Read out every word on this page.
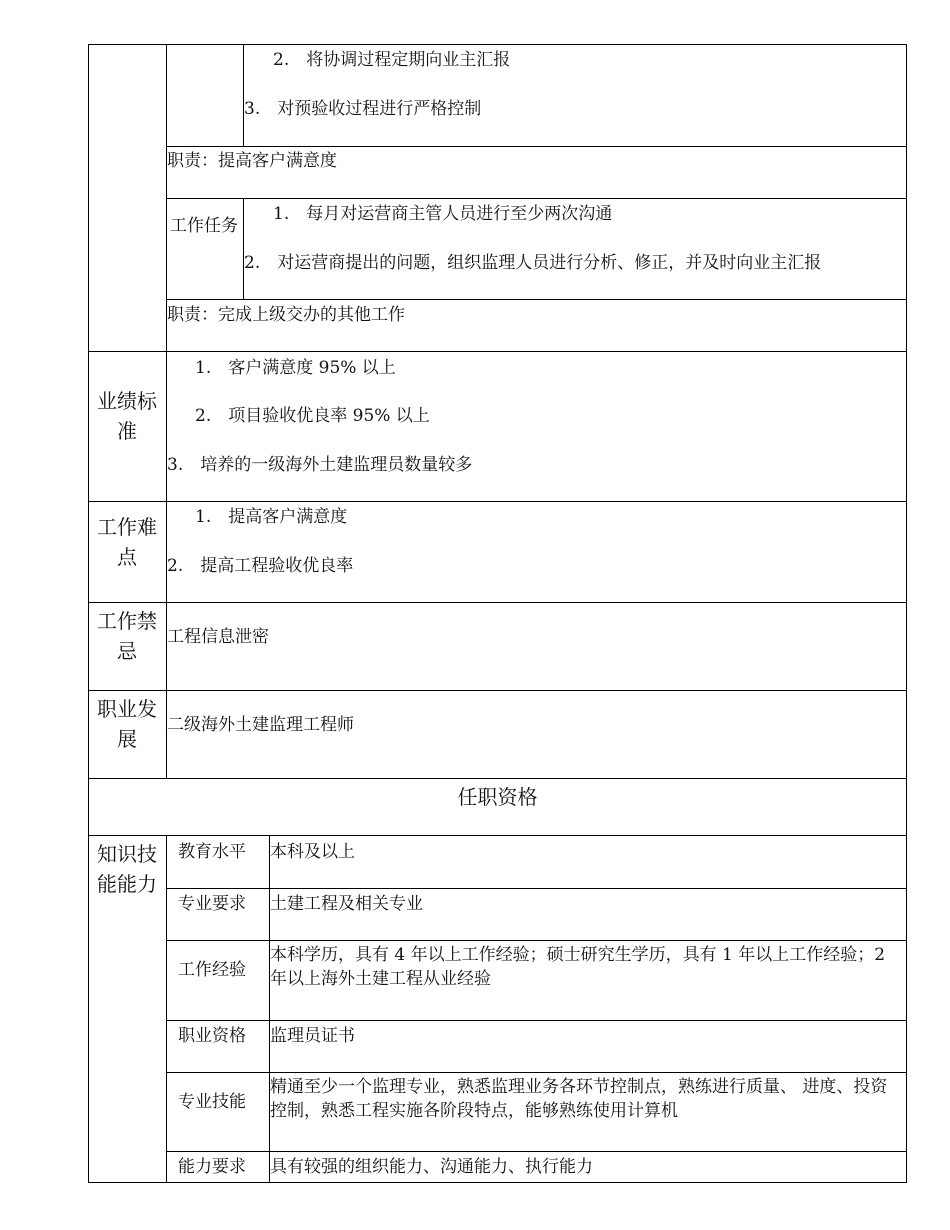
2.　将协调过程定期向业主汇报
3.　对预验收过程进行严格控制
职责：提高客户满意度
工作任务
1.　每月对运营商主管人员进行至少两次沟通
2.　对运营商提出的问题，组织监理人员进行分析、修正，并及时向业主汇报
职责：完成上级交办的其他工作
业绩标准
1.　客户满意度 95% 以上
2.　项目验收优良率 95% 以上
3.　培养的一级海外土建监理员数量较多
工作难点
1.　提高客户满意度
2.　提高工程验收优良率
工作禁忌
工程信息泄密
职业发展
二级海外土建监理工程师
任职资格
知识技能能力
教育水平 本科及以上
专业要求 土建工程及相关专业
工作经验
本科学历，具有 4 年以上工作经验；硕士研究生学历，具有 1 年以上工作经验；2 年以上海外土建工程从业经验
职业资格 监理员证书
专业技能
精通至少一个监理专业，熟悉监理业务各环节控制点，熟练进行质量、 进度、投资控制，熟悉工程实施各阶段特点，能够熟练使用计算机
能力要求 具有较强的组织能力、沟通能力、执行能力
